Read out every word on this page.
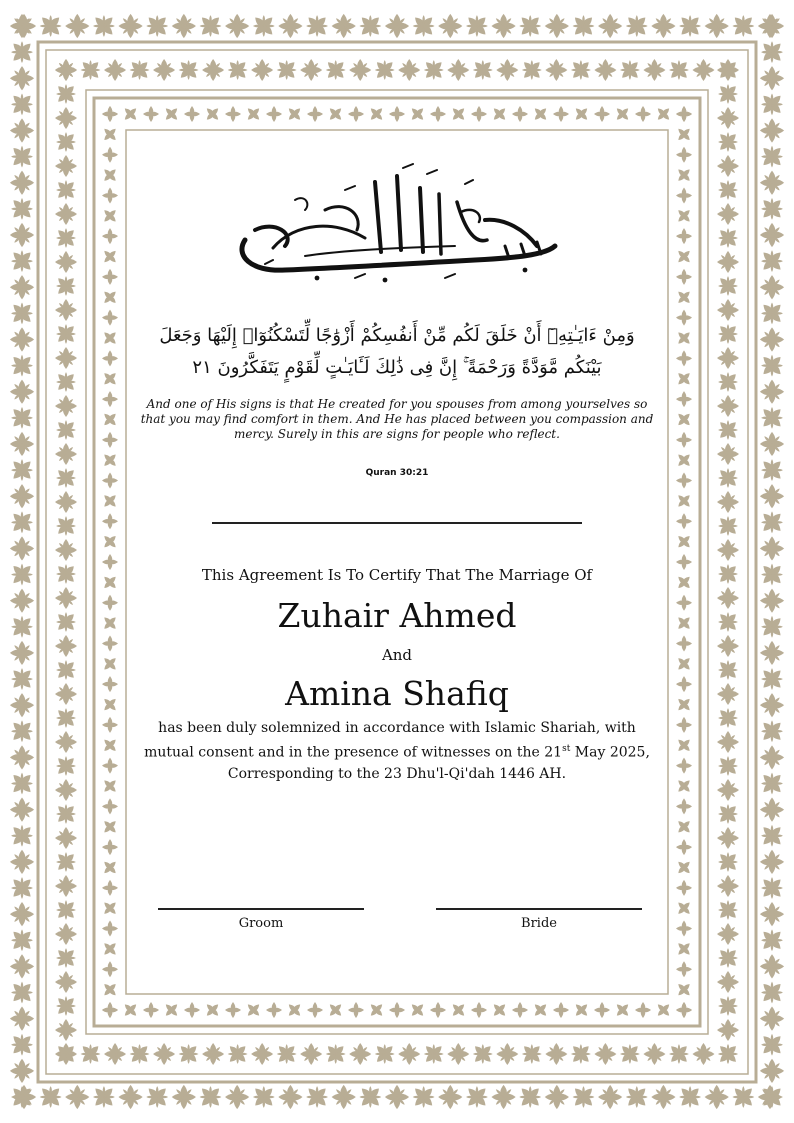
بسم الله الرحمن الرحيم
وَمِنْ ءَايَـٰتِهِۦٓ أَنْ خَلَقَ لَكُم مِّنْ أَنفُسِكُمْ أَزْوَٰجًا لِّتَسْكُنُوٓا۟ إِلَيْهَا وَجَعَلَ
بَيْنَكُم مَّوَدَّةً وَرَحْمَةً ۚ إِنَّ فِى ذَٰلِكَ لَـَٔايَـٰتٍ لِّقَوْمٍ يَتَفَكَّرُونَ ٢١
And one of His signs is that He created for you spouses from among yourselves so that you may find comfort in them. And He has placed between you compassion and mercy. Surely in this are signs for people who reflect.
Quran 30:21
This Agreement Is To Certify That The Marriage Of
Zuhair Ahmed
And
Amina Shafiq
has been duly solemnized in accordance with Islamic Shariah, with mutual consent and in the presence of witnesses on the 21st May 2025, Corresponding to the 23 Dhu'l-Qi'dah 1446 AH.
Groom	Bride
